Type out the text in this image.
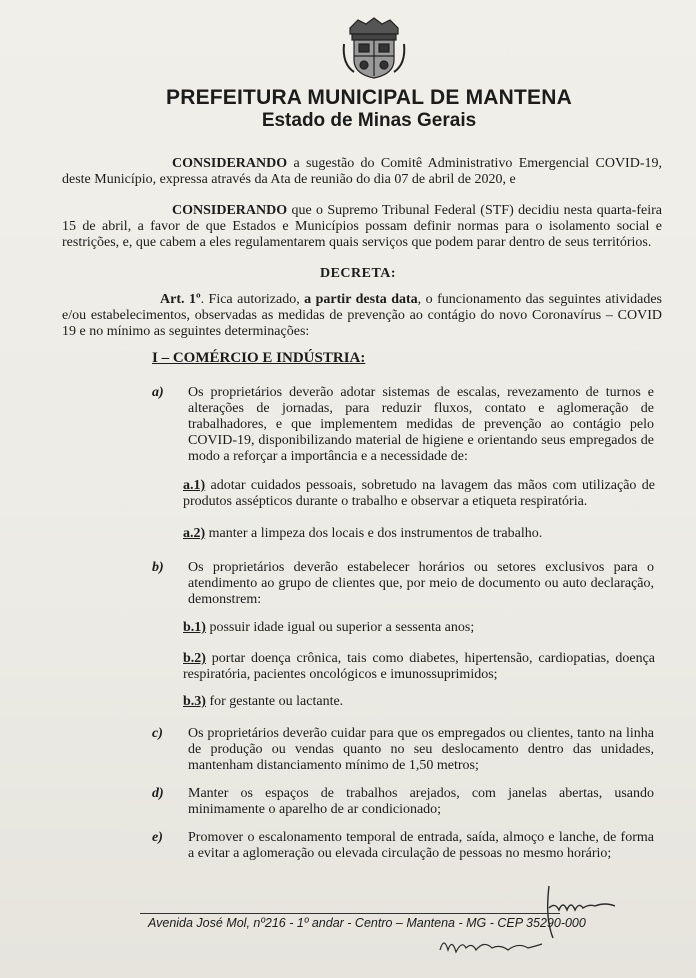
PREFEITURA MUNICIPAL DE MANTENA
Estado de Minas Gerais

CONSIDERANDO a sugestão do Comitê Administrativo Emergencial COVID-19, deste Município, expressa através da Ata de reunião do dia 07 de abril de 2020, e

CONSIDERANDO que o Supremo Tribunal Federal (STF) decidiu nesta quarta-feira 15 de abril, a favor de que Estados e Municípios possam definir normas para o isolamento social e restrições, e, que cabem a eles regulamentarem quais serviços que podem parar dentro de seus territórios.

DECRETA:

Art. 1º. Fica autorizado, a partir desta data, o funcionamento das seguintes atividades e/ou estabelecimentos, observadas as medidas de prevenção ao contágio do novo Coronavírus – COVID 19 e no mínimo as seguintes determinações:

I – COMÉRCIO E INDÚSTRIA:
a) Os proprietários deverão adotar sistemas de escalas, revezamento de turnos e alterações de jornadas, para reduzir fluxos, contato e aglomeração de trabalhadores, e que implementem medidas de prevenção ao contágio pelo COVID-19, disponibilizando material de higiene e orientando seus empregados de modo a reforçar a importância e a necessidade de:

a.1) adotar cuidados pessoais, sobretudo na lavagem das mãos com utilização de produtos assépticos durante o trabalho e observar a etiqueta respiratória.

a.2) manter a limpeza dos locais e dos instrumentos de trabalho.

b) Os proprietários deverão estabelecer horários ou setores exclusivos para o atendimento ao grupo de clientes que, por meio de documento ou auto declaração, demonstrem:

b.1) possuir idade igual ou superior a sessenta anos;

b.2) portar doença crônica, tais como diabetes, hipertensão, cardiopatias, doença respiratória, pacientes oncológicos e imunossuprimidos;

b.3) for gestante ou lactante.

c) Os proprietários deverão cuidar para que os empregados ou clientes, tanto na linha de produção ou vendas quanto no seu deslocamento dentro das unidades, mantenham distanciamento mínimo de 1,50 metros;

d) Manter os espaços de trabalhos arejados, com janelas abertas, usando minimamente o aparelho de ar condicionado;

e) Promover o escalonamento temporal de entrada, saída, almoço e lanche, de forma a evitar a aglomeração ou elevada circulação de pessoas no mesmo horário;

Avenida José Mol, nº216 - 1º andar - Centro – Mantena - MG - CEP 35290-000
